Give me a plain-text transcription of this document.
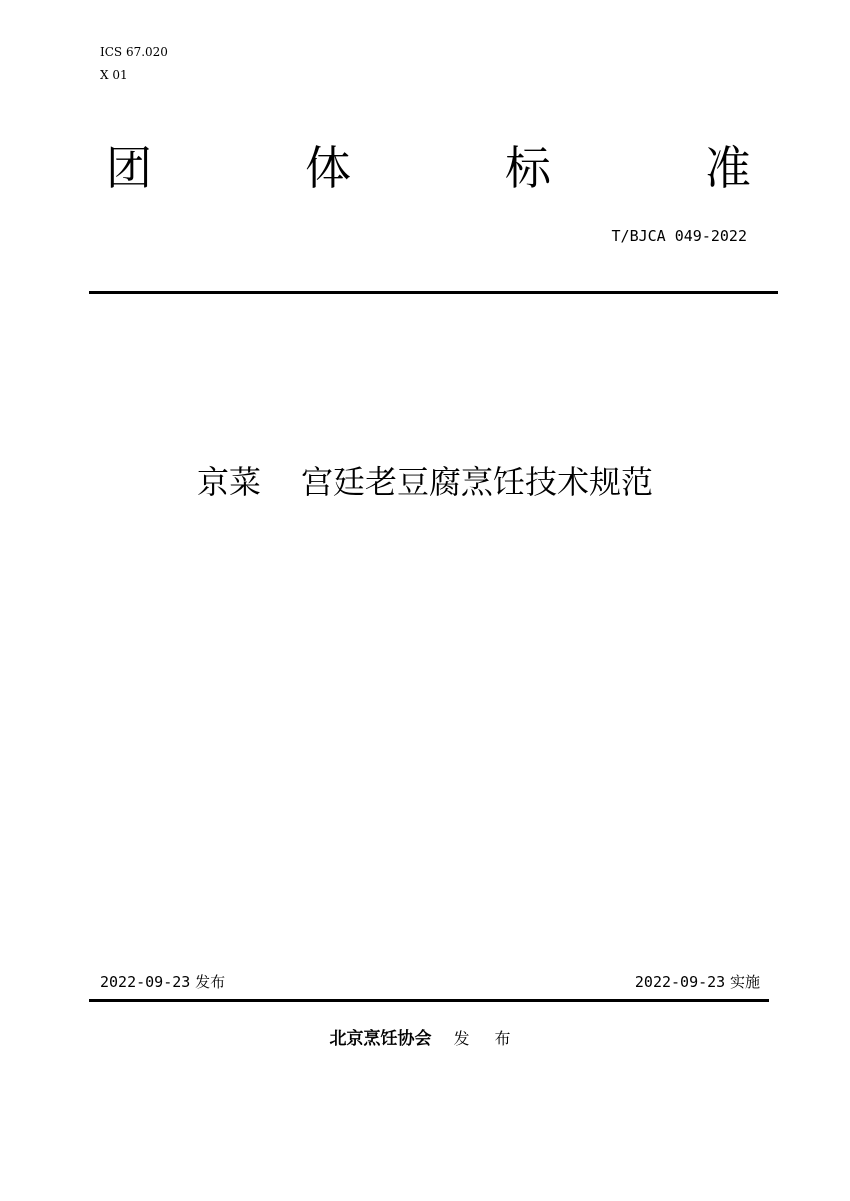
ICS 67.020
X 01
团	体	标	准
T/BJCA 049-2022
京菜 宫廷老豆腐烹饪技术规范
2022-09-23 发布	2022-09-23 实施
北京烹饪协会 发 布
